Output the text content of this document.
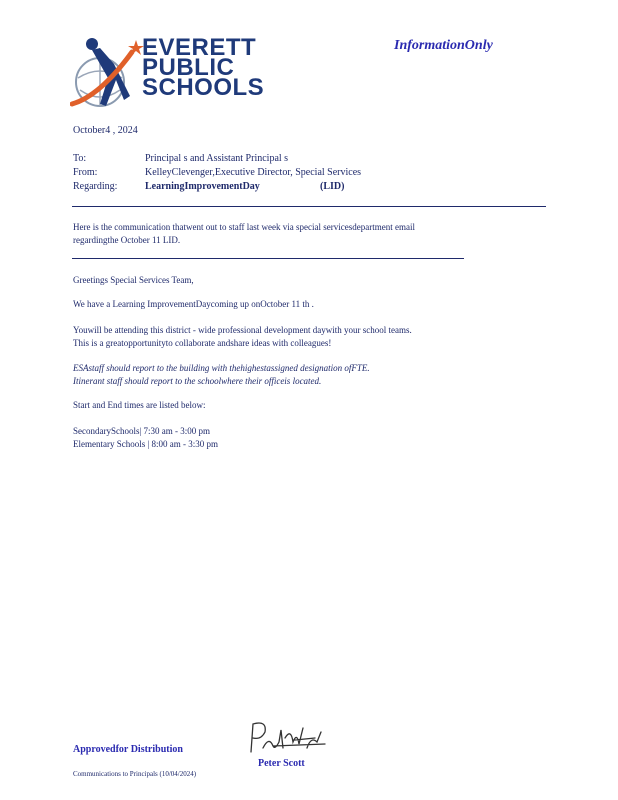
EVERETT
PUBLIC
SCHOOLS
InformationOnly
October4 , 2024
To:	Principal s and Assistant Principal s
From:	KelleyClevenger,Executive Director, Special Services
Regarding:	LearningImprovementDay	(LID)
Here is the communication thatwent out to staff last week via special servicesdepartment email
regardingthe October 11 LID.
Greetings Special Services Team,
We have a Learning ImprovementDaycoming up onOctober 11 th .
Youwill be attending this district - wide professional development daywith your school teams.
This is a greatopportunityto collaborate andshare ideas with colleagues!
ESAstaff should report to the building with thehighestassigned designation ofFTE.
Itinerant staff should report to the schoolwhere their officeis located.
Start and End times are listed below:
SecondarySchools| 7:30 am - 3:00 pm
Elementary Schools | 8:00 am - 3:30 pm
Approvedfor Distribution
Peter Scott
Communications to Principals (10/04/2024)
